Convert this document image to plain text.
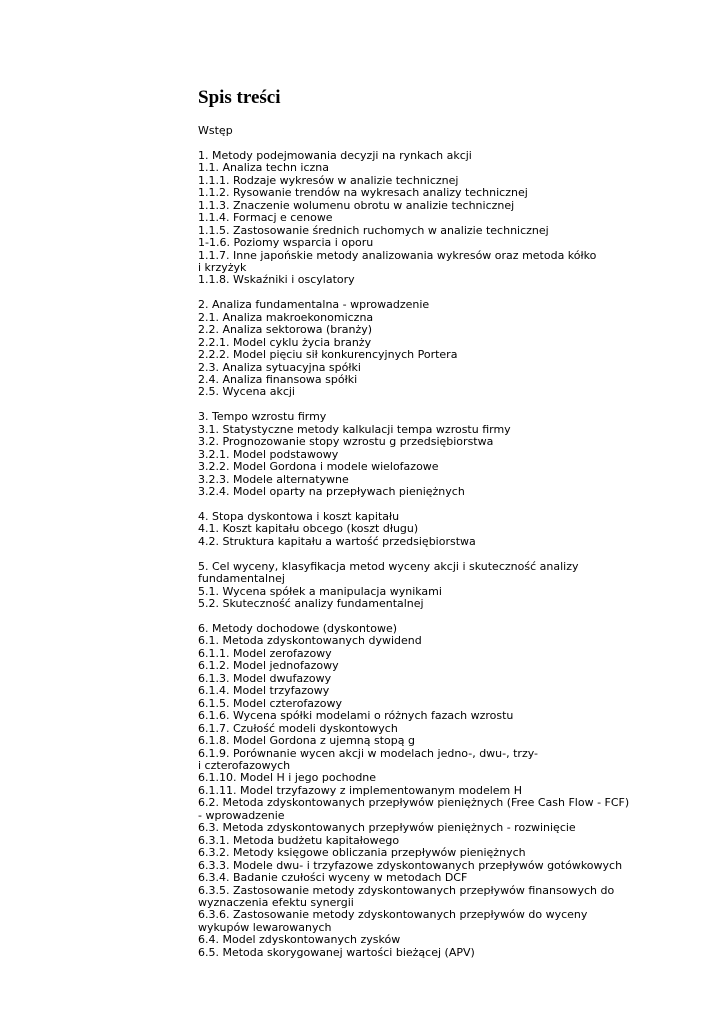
Spis treści
Wstęp
1. Metody podejmowania decyzji na rynkach akcji
1.1. Analiza techn iczna
1.1.1. Rodzaje wykresów w analizie technicznej
1.1.2. Rysowanie trendów na wykresach analizy technicznej
1.1.3. Znaczenie wolumenu obrotu w analizie technicznej
1.1.4. Formacj e cenowe
1.1.5. Zastosowanie średnich ruchomych w analizie technicznej
1-1.6. Poziomy wsparcia i oporu
1.1.7. Inne japońskie metody analizowania wykresów oraz metoda kółko
i krzyżyk
1.1.8. Wskaźniki i oscylatory
2. Analiza fundamentalna - wprowadzenie
2.1. Analiza makroekonomiczna
2.2. Analiza sektorowa (branży)
2.2.1. Model cyklu życia branży
2.2.2. Model pięciu sił konkurencyjnych Portera
2.3. Analiza sytuacyjna spółki
2.4. Analiza finansowa spółki
2.5. Wycena akcji
3. Tempo wzrostu firmy
3.1. Statystyczne metody kalkulacji tempa wzrostu firmy
3.2. Prognozowanie stopy wzrostu g przedsiębiorstwa
3.2.1. Model podstawowy
3.2.2. Model Gordona i modele wielofazowe
3.2.3. Modele alternatywne
3.2.4. Model oparty na przepływach pieniężnych
4. Stopa dyskontowa i koszt kapitału
4.1. Koszt kapitału obcego (koszt długu)
4.2. Struktura kapitału a wartość przedsiębiorstwa
5. Cel wyceny, klasyfikacja metod wyceny akcji i skuteczność analizy
fundamentalnej
5.1. Wycena spółek a manipulacja wynikami
5.2. Skuteczność analizy fundamentalnej
6. Metody dochodowe (dyskontowe)
6.1. Metoda zdyskontowanych dywidend
6.1.1. Model zerofazowy
6.1.2. Model jednofazowy
6.1.3. Model dwufazowy
6.1.4. Model trzyfazowy
6.1.5. Model czterofazowy
6.1.6. Wycena spółki modelami o różnych fazach wzrostu
6.1.7. Czułość modeli dyskontowych
6.1.8. Model Gordona z ujemną stopą g
6.1.9. Porównanie wycen akcji w modelach jedno-, dwu-, trzy-
i czterofazowych
6.1.10. Model H i jego pochodne
6.1.11. Model trzyfazowy z implementowanym modelem H
6.2. Metoda zdyskontowanych przepływów pieniężnych (Free Cash Flow - FCF)
- wprowadzenie
6.3. Metoda zdyskontowanych przepływów pieniężnych - rozwinięcie
6.3.1. Metoda budżetu kapitałowego
6.3.2. Metody księgowe obliczania przepływów pieniężnych
6.3.3. Modele dwu- i trzyfazowe zdyskontowanych przepływów gotówkowych
6.3.4. Badanie czułości wyceny w metodach DCF
6.3.5. Zastosowanie metody zdyskontowanych przepływów finansowych do
wyznaczenia efektu synergii
6.3.6. Zastosowanie metody zdyskontowanych przepływów do wyceny
wykupów lewarowanych
6.4. Model zdyskontowanych zysków
6.5. Metoda skorygowanej wartości bieżącej (APV)
